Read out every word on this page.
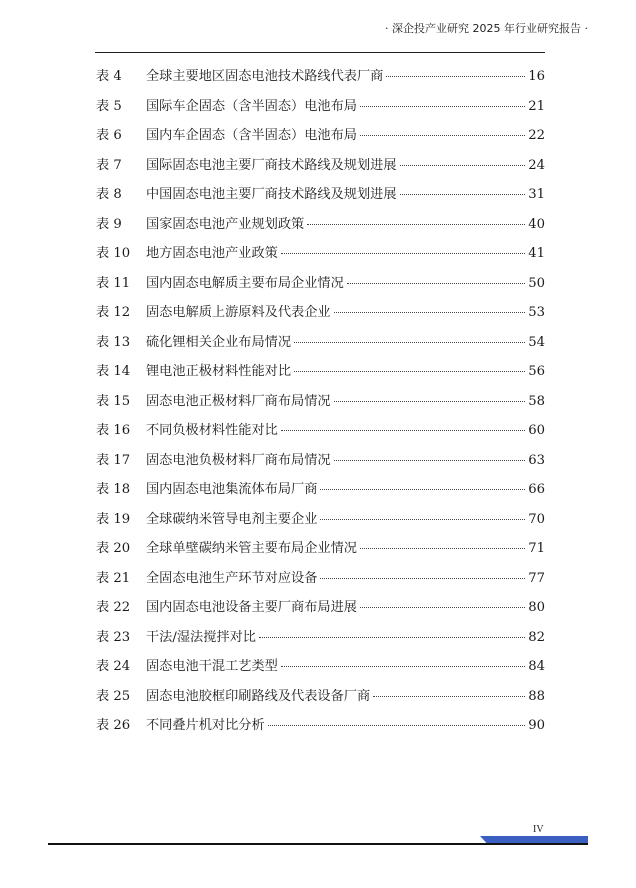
· 深企投产业研究 2025 年行业研究报告 ·
表 4	全球主要地区固态电池技术路线代表厂商	16
表 5	国际车企固态（含半固态）电池布局	21
表 6	国内车企固态（含半固态）电池布局	22
表 7	国际固态电池主要厂商技术路线及规划进展	24
表 8	中国固态电池主要厂商技术路线及规划进展	31
表 9	国家固态电池产业规划政策	40
表 10	地方固态电池产业政策	41
表 11	国内固态电解质主要布局企业情况	50
表 12	固态电解质上游原料及代表企业	53
表 13	硫化锂相关企业布局情况	54
表 14	锂电池正极材料性能对比	56
表 15	固态电池正极材料厂商布局情况	58
表 16	不同负极材料性能对比	60
表 17	固态电池负极材料厂商布局情况	63
表 18	国内固态电池集流体布局厂商	66
表 19	全球碳纳米管导电剂主要企业	70
表 20	全球单壁碳纳米管主要布局企业情况	71
表 21	全固态电池生产环节对应设备	77
表 22	国内固态电池设备主要厂商布局进展	80
表 23	干法/湿法搅拌对比	82
表 24	固态电池干混工艺类型	84
表 25	固态电池胶框印刷路线及代表设备厂商	88
表 26	不同叠片机对比分析	90
IV
